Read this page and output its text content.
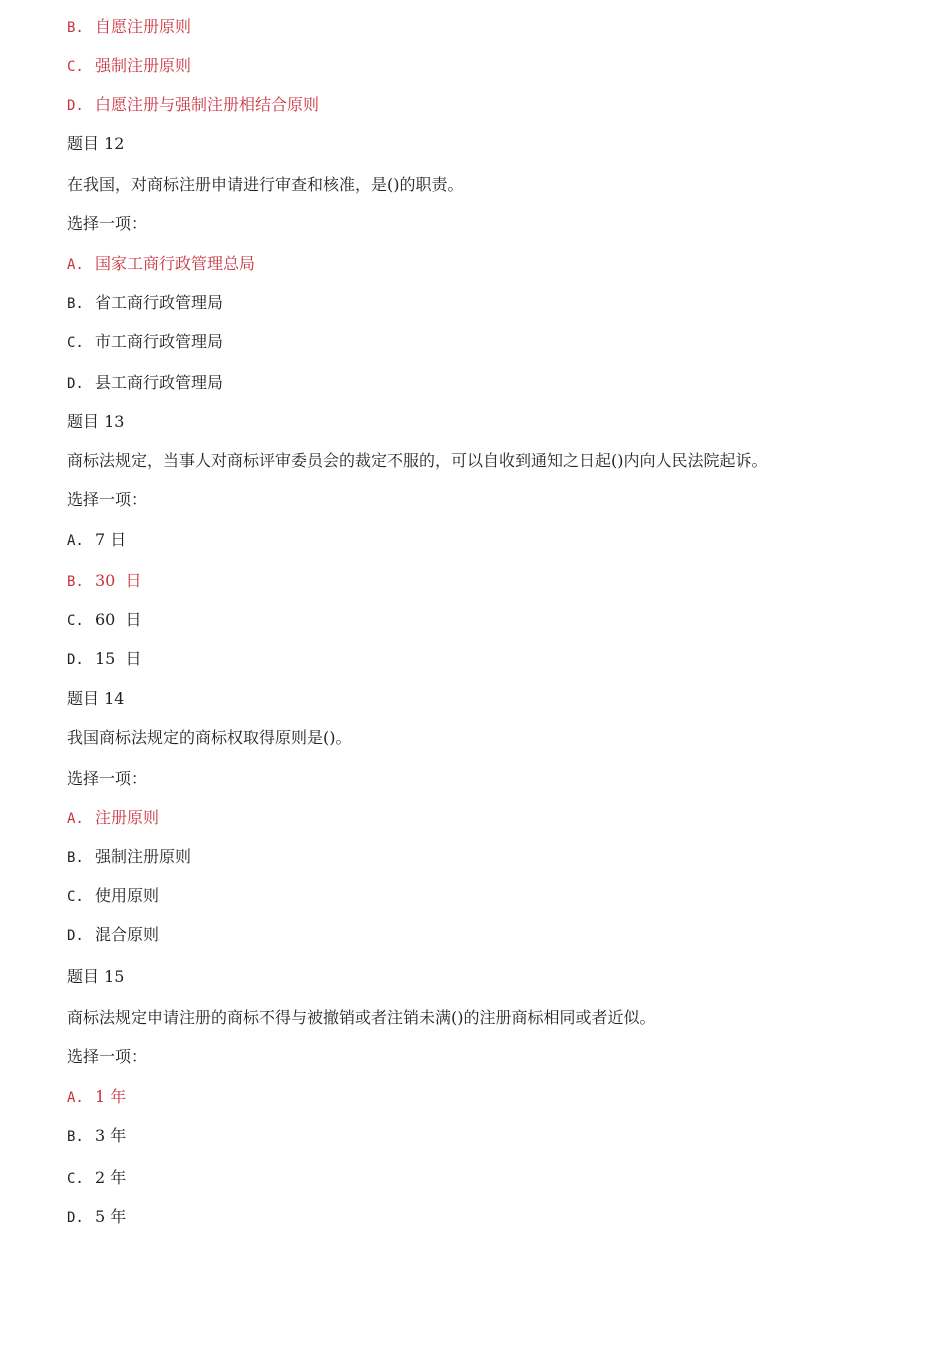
B. 自愿注册原则
C. 强制注册原则
D. 白愿注册与强制注册相结合原则
题目 12
在我国，对商标注册申请进行审查和核准，是()的职责。
选择一项：
A. 国家工商行政管理总局
B. 省工商行政管理局
C. 市工商行政管理局
D. 县工商行政管理局
题目 13
商标法规定，当事人对商标评审委员会的裁定不服的，可以自收到通知之日起()内向人民法院起诉。
选择一项：
A. 7 日
B. 30  日
C. 60  日
D. 15  日
题目 14
我国商标法规定的商标权取得原则是()。
选择一项：
A. 注册原则
B. 强制注册原则
C. 使用原则
D. 混合原则
题目 15
商标法规定申请注册的商标不得与被撤销或者注销未满()的注册商标相同或者近似。
选择一项：
A. 1 年
B. 3 年
C. 2 年
D. 5 年
